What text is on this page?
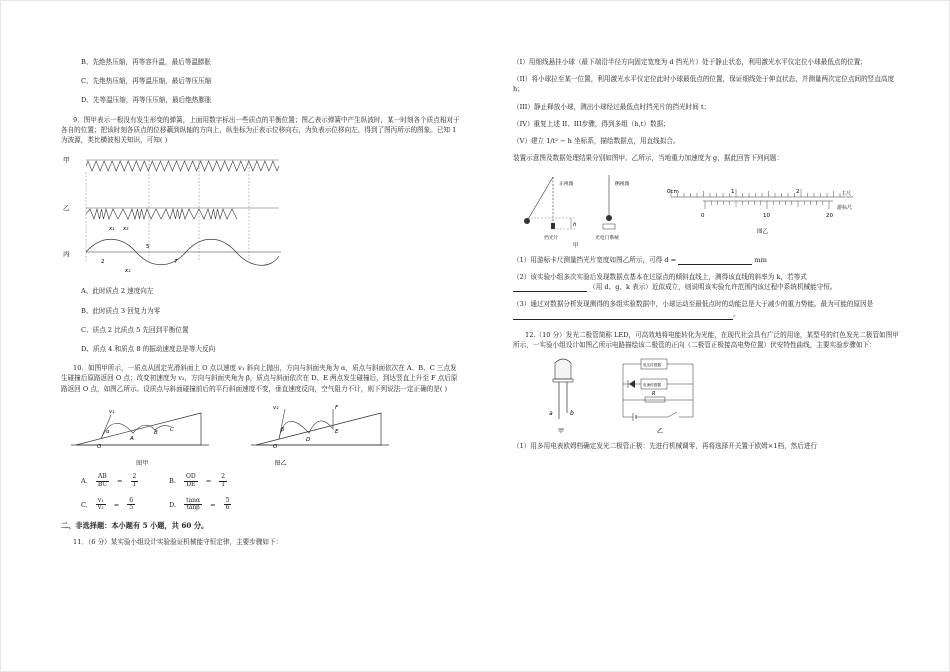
B、先绝热压缩，再等容升温，最后等温膨胀
C、先绝热压缩，再等温压缩，最后等压压缩
D、先等温压缩，再等压压缩，最后绝热膨胀
9．图甲表示一根没有发生形变的弹簧，上面用数字标出一些质点的平衡位置；图乙表示弹簧中产生纵波时，某一时刻各个质点相对于各自的位置；把该时刻各质点的位移藕到纵轴的方向上，纵坐标为正表示位移向右，为负表示位移向左，得到了图丙所示的图象。已知 1 为波源，类比横波相关知识，可知( )
甲
乙
丙
2
5
7
x₂
x₁ x₃
A、此时质点 2 速度向左
B、此时质点 3 回复力为零
C、质点 2 比质点 5 先回到平衡位置
D、质点 4 和质点 8 的振动速度总是等大反向
10．如图甲所示，一质点从固定光滑斜面上 O 点以速度 v₁ 斜向上抛出，方向与斜面夹角为 α，质点与斜面依次在 A、B、C 三点发生碰撞后原路返回 O 点；改变初速度为 v₂，方向与斜面夹角为 β，质点与斜面依次在 D、E 两点发生碰撞后，到达竖直上升至 F 点后原路返回 O 点，如图乙所示。设质点与斜面碰撞前后的平行斜面速度不变，垂直速度反向，空气阻力不计，则下列说法一定正确的是( )
v₁
O
α
A
B C
v₂
O
β
D
E
F
图甲	图乙
A. $\frac{AB}{BC} = \frac{2}{1}$	B. $\frac{OD}{DE} = \frac{2}{1}$
C. $\frac{\text{v₁}}{\text{v₂}} = \frac{6}{5}$	D. $\frac{\tan\alpha}{\tan\beta} = \frac{5}{6}$
二、非选择题：本小题有 5 小题，共 60 分。
11．（6 分）某实验小组设计实验验证机械能守恒定律，主要步骤如下：
（I）用细线悬挂小球（最下端沿半径方向固定宽度为 d 挡光片）处于静止状态，利用激光水平仪定位小球最低点的位置；
（II）将小球拉至某一位置，利用激光水平仪定位此时小球最低点的位置，保证细线处于伸直状态，并测量两次定位点间的竖直高度 h；
（III）静止释放小球，测出小球经过最低点时挡光片的挡光时间 t；
（IV）重复上述 II、III步骤，得到多组（h,t）数据；
（V）建立 1/t² − h 坐标系，描绘数据点，用直线拟合。
装置示意图及数据处理结果分别如图甲、乙所示，当地重力加速度为 g，据此回答下列问题：
h
正视图
挡光片
侧视图
光电门系统
甲
0cm	1	2	主尺
0	10	20
游标尺
图乙
（1）用游标卡尺测量挡光片宽度如图乙所示，可得 d =	mm
（2）该实验小组多次实验后发现数据点基本在过原点的倾斜直线上，测得该直线的斜率为 k，若等式
（用 d、g、k 表示）近似成立，则说明该实验允许范围内该过程中系统机械能守恒。
（3）通过对数据分析发现测得的多组实验数据中，小球运动至最低点时的动能总是大于减少的重力势能。最为可能的原因是
。
12.（10 分）发光二极管简称 LED，可高效地将电能转化为光能，在现代社会具有广泛的用途，某型号的红色发光二极管如图甲所示，一实验小组设计如图乙所示电路描绘该二极管的正向（二极管正极接高电势位置）伏安特性曲线，主要实验步骤如下：
a	b
甲
电压传感器
电流传感器
R
乙
（1）用多用电表欧姆档确定发光二极管正极：先进行机械调零，再将选择开关置于欧姆×1档，然后进行
